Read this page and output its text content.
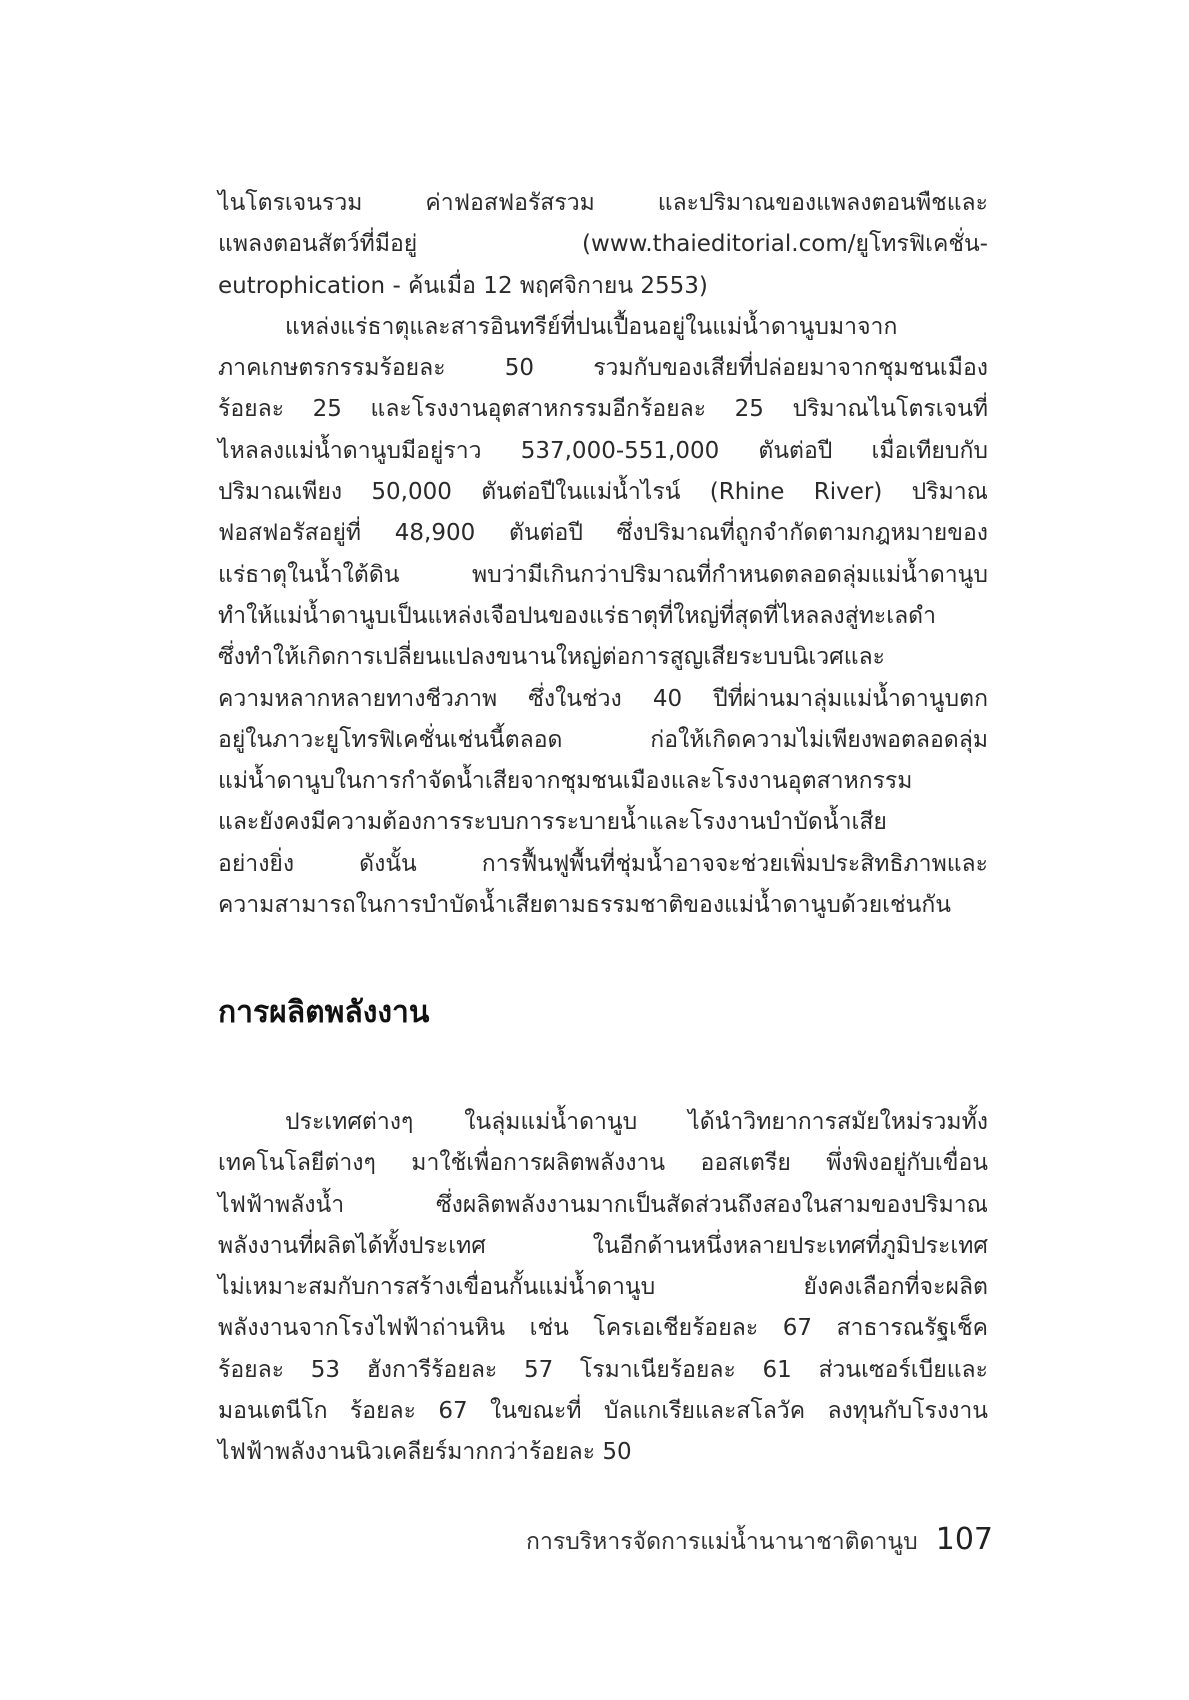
ไนโตรเจนรวม ค่าฟอสฟอรัสรวม และปริมาณของแพลงตอนพืชและ
แพลงตอนสัตว์ที่มีอยู่ (www.thaieditorial.com/ยูโทรฟิเคชั่น-
eutrophication - ค้นเมื่อ 12 พฤศจิกายน 2553)
แหล่งแร่ธาตุและสารอินทรีย์ที่ปนเปื้อนอยู่ในแม่น้ำดานูบมาจาก
ภาคเกษตรกรรมร้อยละ 50 รวมกับของเสียที่ปล่อยมาจากชุมชนเมือง
ร้อยละ 25 และโรงงานอุตสาหกรรมอีกร้อยละ 25 ปริมาณไนโตรเจนที่
ไหลลงแม่น้ำดานูบมีอยู่ราว 537,000-551,000 ตันต่อปี เมื่อเทียบกับ
ปริมาณเพียง 50,000 ตันต่อปีในแม่น้ำไรน์ (Rhine River) ปริมาณ
ฟอสฟอรัสอยู่ที่ 48,900 ตันต่อปี ซึ่งปริมาณที่ถูกจำกัดตามกฎหมายของ
แร่ธาตุในน้ำใต้ดิน พบว่ามีเกินกว่าปริมาณที่กำหนดตลอดลุ่มแม่น้ำดานูบ
ทำให้แม่น้ำดานูบเป็นแหล่งเจือปนของแร่ธาตุที่ใหญ่ที่สุดที่ไหลลงสู่ทะเลดำ
ซึ่งทำให้เกิดการเปลี่ยนแปลงขนานใหญ่ต่อการสูญเสียระบบนิเวศและ
ความหลากหลายทางชีวภาพ ซึ่งในช่วง 40 ปีที่ผ่านมาลุ่มแม่น้ำดานูบตก
อยู่ในภาวะยูโทรฟิเคชั่นเช่นนี้ตลอด ก่อให้เกิดความไม่เพียงพอตลอดลุ่ม
แม่น้ำดานูบในการกำจัดน้ำเสียจากชุมชนเมืองและโรงงานอุตสาหกรรม
และยังคงมีความต้องการระบบการระบายน้ำและโรงงานบำบัดน้ำเสีย
อย่างยิ่ง ดังนั้น การฟื้นฟูพื้นที่ชุ่มน้ำอาจจะช่วยเพิ่มประสิทธิภาพและ
ความสามารถในการบำบัดน้ำเสียตามธรรมชาติของแม่น้ำดานูบด้วยเช่นกัน
การผลิตพลังงาน
ประเทศต่างๆ ในลุ่มแม่น้ำดานูบ ได้นำวิทยาการสมัยใหม่รวมทั้ง
เทคโนโลยีต่างๆ มาใช้เพื่อการผลิตพลังงาน ออสเตรีย พึ่งพิงอยู่กับเขื่อน
ไฟฟ้าพลังน้ำ ซึ่งผลิตพลังงานมากเป็นสัดส่วนถึงสองในสามของปริมาณ
พลังงานที่ผลิตได้ทั้งประเทศ ในอีกด้านหนึ่งหลายประเทศที่ภูมิประเทศ
ไม่เหมาะสมกับการสร้างเขื่อนกั้นแม่น้ำดานูบ ยังคงเลือกที่จะผลิต
พลังงานจากโรงไฟฟ้าถ่านหิน เช่น โครเอเชียร้อยละ 67 สาธารณรัฐเช็ค
ร้อยละ 53 ฮังการีร้อยละ 57 โรมาเนียร้อยละ 61 ส่วนเซอร์เบียและ
มอนเตนีโก ร้อยละ 67 ในขณะที่ บัลแกเรียและสโลวัค ลงทุนกับโรงงาน
ไฟฟ้าพลังงานนิวเคลียร์มากกว่าร้อยละ 50
การบริหารจัดการแม่น้ำนานาชาติดานูบ 107
